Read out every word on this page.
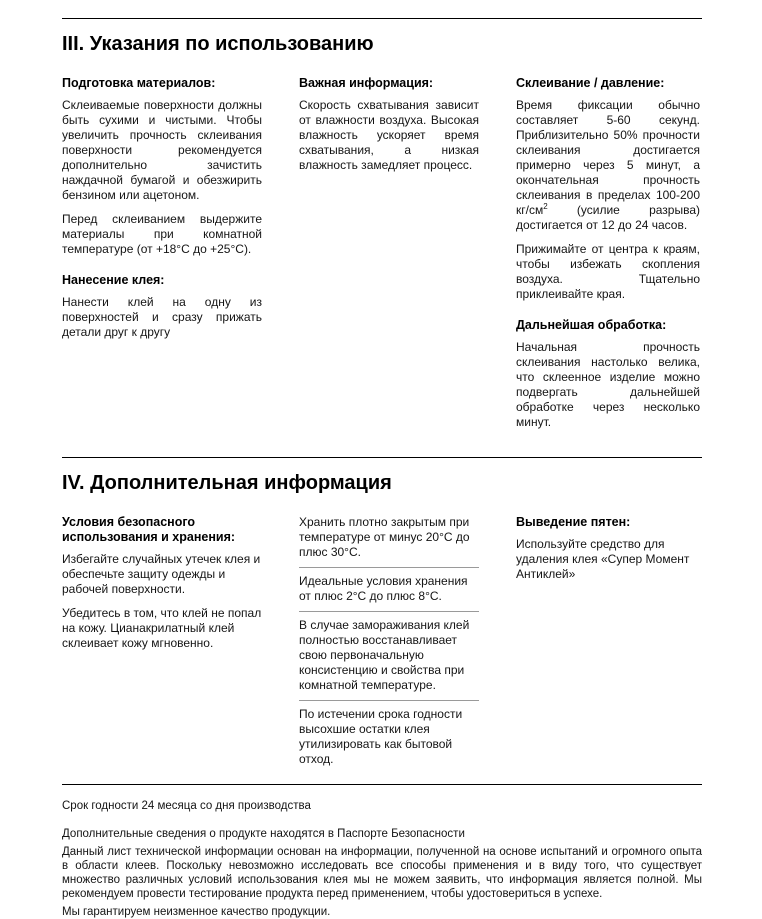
III. Указания по использованию
Подготовка материалов:

Склеиваемые поверхности должны быть сухими и чистыми. Чтобы увеличить прочность склеивания поверхности рекомендуется дополнительно зачистить наждачной бумагой и обезжирить бензином или ацетоном.

Перед склеиванием выдержите материалы при комнатной температуре (от +18°С до +25°С).

Нанесение клея:

Нанести клей на одну из поверхностей и сразу прижать детали друг к другу

Важная информация:

Скорость схватывания зависит от влажности воздуха. Высокая влажность ускоряет время схватывания, а низкая влажность замедляет процесс.

Склеивание / давление:

Время фиксации обычно составляет 5-60 секунд. Приблизительно 50% прочности склеивания достигается примерно через 5 минут, а окончательная прочность склеивания в пределах 100-200 $кг/см^2$ (усилие разрыва) достигается от 12 до 24 часов.

Прижимайте от центра к краям, чтобы избежать скопления воздуха. Тщательно приклеивайте края.

Дальнейшая обработка:

Начальная прочность склеивания настолько велика, что склеенное изделие можно подвергать дальнейшей обработке через несколько минут.

IV. Дополнительная информация
Условия безопасного использования и хранения:

Избегайте случайных утечек клея и обеспечьте защиту одежды и рабочей поверхности.

Убедитесь в том, что клей не попал на кожу. Цианакрилатный клей склеивает кожу мгновенно.

Хранить плотно закрытым при температуре от минус 20°С до плюс 30°С.

Идеальные условия хранения от плюс 2°С до плюс 8°С.

В случае замораживания клей полностью восстанавливает свою первоначальную консистенцию и свойства при комнатной температуре.

По истечении срока годности высохшие остатки клея утилизировать как бытовой отход.

Выведение пятен:

Используйте средство для удаления клея «Супер Момент Антиклей»

Срок годности 24 месяца со дня производства

Дополнительные сведения о продукте находятся в Паспорте Безопасности

Данный лист технической информации основан на информации, полученной на основе испытаний и огромного опыта в области клеев. Поскольку невозможно исследовать все способы применения и в виду того, что существует множество различных условий использования клея мы не можем заявить, что информация является полной. Мы рекомендуем провести тестирование продукта перед применением, чтобы удостовериться в успехе.

Мы гарантируем неизменное качество продукции.
